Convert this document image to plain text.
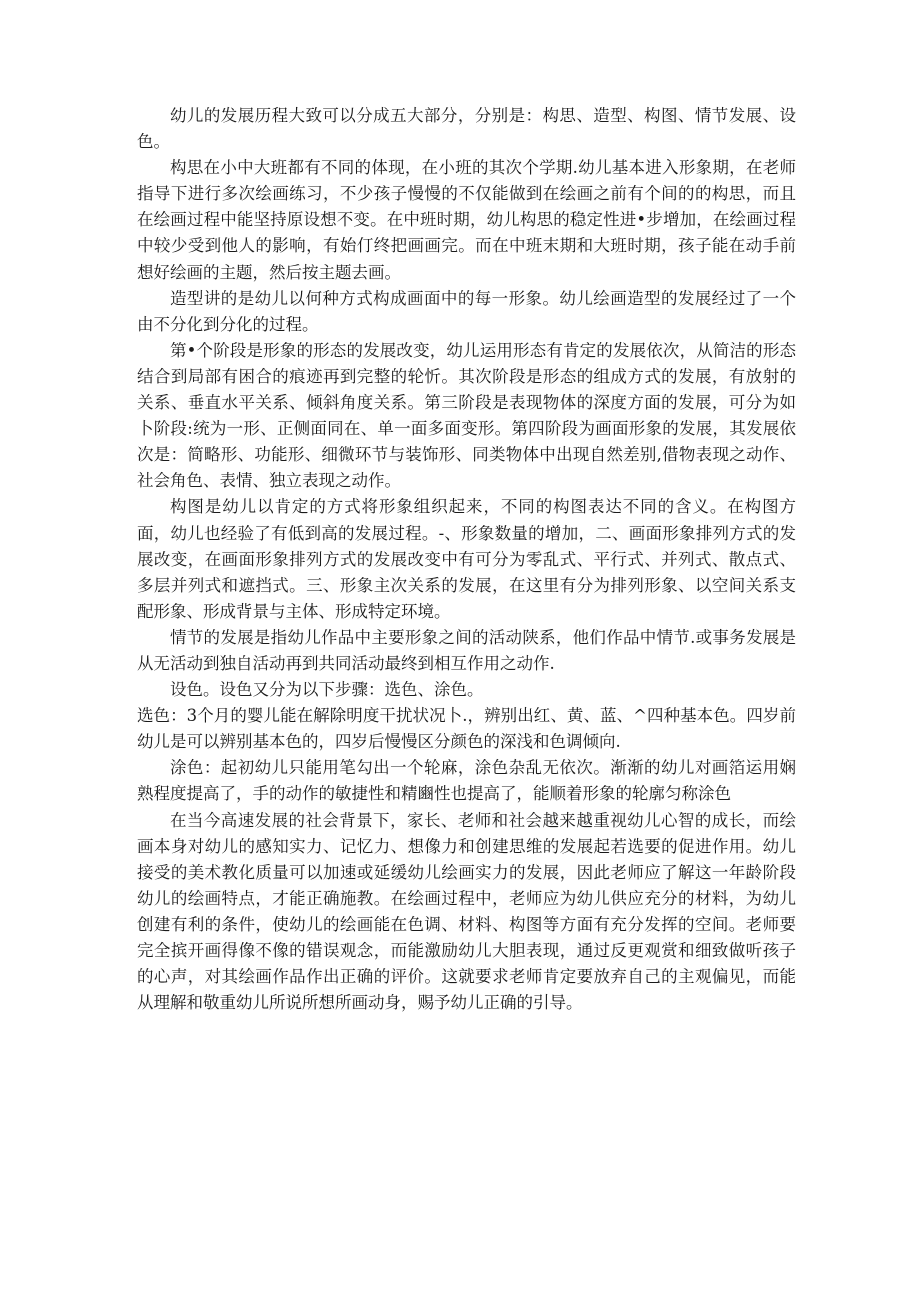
幼儿的发展历程大致可以分成五大部分，分别是：构思、造型、构图、情节发展、设色。

构思在小中大班都有不同的体现，在小班的其次个学期.幼儿基本进入形象期，在老师指导下进行多次绘画练习，不少孩子慢慢的不仅能做到在绘画之前有个间的的构思，而且在绘画过程中能坚持原设想不变。在中班时期，幼儿构思的稳定性进•步增加，在绘画过程中较少受到他人的影响，有始仃终把画画完。而在中班末期和大班时期，孩子能在动手前想好绘画的主题，然后按主题去画。

造型讲的是幼儿以何种方式构成画面中的每一形象。幼儿绘画造型的发展经过了一个由不分化到分化的过程。

第•个阶段是形象的形态的发展改变，幼儿运用形态有肯定的发展依次，从简洁的形态结合到局部有困合的痕迹再到完整的轮忻。其次阶段是形态的组成方式的发展，有放射的关系、垂直水平关系、倾斜角度关系。第三阶段是表现物体的深度方面的发展，可分为如卜阶段:统为一形、正侧面同在、单一面多面变形。第四阶段为画面形象的发展，其发展依次是：简略形、功能形、细微环节与装饰形、同类物体中出现自然差别,借物表现之动作、社会角色、表情、独立表现之动作。

构图是幼儿以肯定的方式将形象组织起来，不同的构图表达不同的含义。在构图方面，幼儿也经验了有低到高的发展过程。-、形象数量的增加，二、画面形象排列方式的发展改变，在画面形象排列方式的发展改变中有可分为零乱式、平行式、并列式、散点式、多层并列式和遮挡式。三、形象主次关系的发展，在这里有分为排列形象、以空间关系支配形象、形成背景与主体、形成特定环境。

情节的发展是指幼儿作品中主要形象之间的活动陕系，他们作品中情节.或事务发展是从无活动到独自活动再到共同活动最终到相互作用之动作.

设色。设色又分为以下步骤：选色、涂色。

选色：3个月的婴儿能在解除明度干扰状况卜.，辨别出红、黄、蓝、^四种基本色。四岁前幼儿是可以辨别基本色的，四岁后慢慢区分颜色的深浅和色调倾向.

涂色：起初幼儿只能用笔勾出一个轮麻，涂色杂乱无依次。渐渐的幼儿对画箔运用娴熟程度提高了，手的动作的敏捷性和精豳性也提高了，能顺着形象的轮廓匀称涂色

在当今高速发展的社会背景下，家长、老师和社会越来越重视幼儿心智的成长，而绘画本身对幼儿的感知实力、记忆力、想像力和创建思维的发展起若选要的促进作用。幼儿接受的美术教化质量可以加速或延缓幼儿绘画实力的发展，因此老师应了解这一年龄阶段幼儿的绘画特点，才能正确施教。在绘画过程中，老师应为幼儿供应充分的材料，为幼儿创建有利的条件，使幼儿的绘画能在色调、材料、构图等方面有充分发挥的空间。老师要完全摈开画得像不像的错误观念，而能激励幼儿大胆表现，通过反更观赏和细致做听孩子的心声，对其绘画作品作出正确的评价。这就要求老师肯定要放弃自己的主观偏见，而能从理解和敬重幼儿所说所想所画动身，赐予幼儿正确的引导。
